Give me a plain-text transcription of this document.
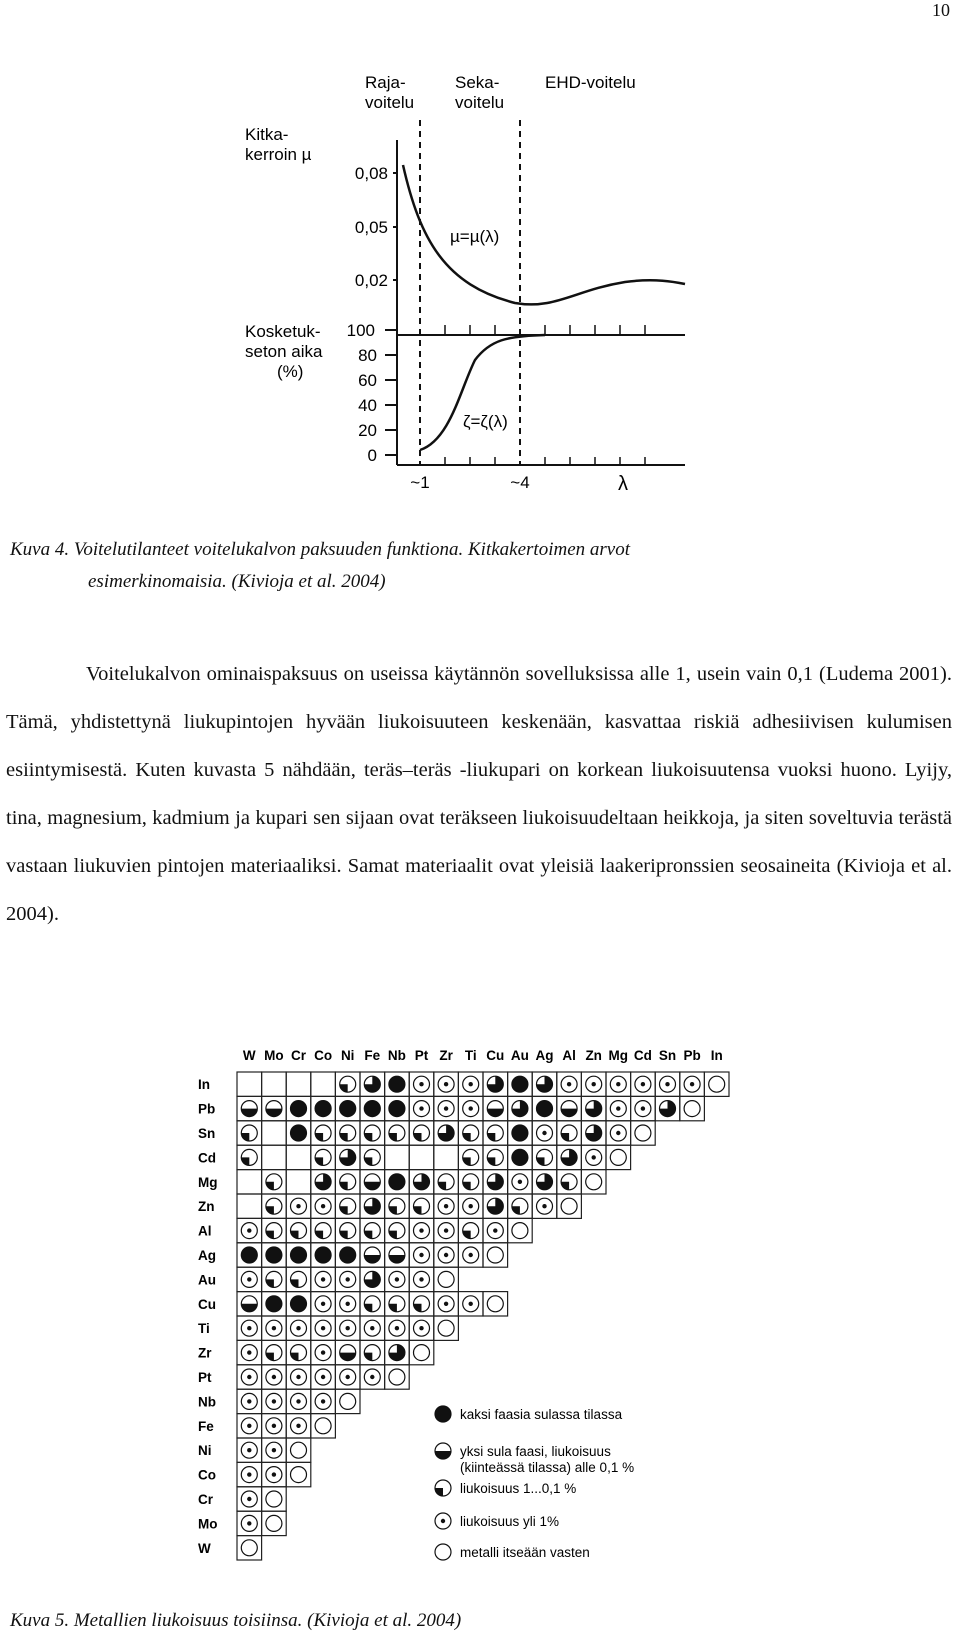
10
Raja-
voitelu
Seka-
voitelu
EHD-voitelu
Kitka-
kerroin µ
Kosketuk-
seton aika
(%)
0,08
0,05
0,02
100
80
60
40
20
0
~1	~4	λ
µ=µ(λ)
ζ=ζ(λ)
Kuva 4. Voitelutilanteet voitelukalvon paksuuden funktiona. Kitkakertoimen arvot
esimerkinomaisia. (Kivioja et al. 2004)

Voitelukalvon ominaispaksuus on useissa käytännön sovelluksissa alle 1, usein vain 0,1 (Ludema 2001). Tämä, yhdistettynä liukupintojen hyvään liukoisuuteen keskenään, kasvattaa riskiä adhesiivisen kulumisen esiintymisestä. Kuten kuvasta 5 nähdään, teräs–teräs -liukupari on korkean liukoisuutensa vuoksi huono. Lyijy, tina, magnesium, kadmium ja kupari sen sijaan ovat teräkseen liukoisuudeltaan heikkoja, ja siten soveltuvia terästä vastaan liukuvien pintojen materiaaliksi. Samat materiaalit ovat yleisiä laakeripronssien seosaineita (Kivioja et al. 2004).

W Mo Cr Co Ni Fe Nb Pt Zr Ti Cu Au Ag Al Zn Mg Cd Sn Pb In
In
Pb
Sn
Cd
Mg
Zn
Al
Ag
Au
Cu
Ti
Zr
Pt
Nb
Fe
Ni
Co
Cr
Mo
W
kaksi faasia sulassa tilassa
yksi sula faasi, liukoisuus
(kiinteässä tilassa) alle 0,1 %
liukoisuus 1...0,1 %
liukoisuus yli 1%
metalli itseään vasten
Kuva 5. Metallien liukoisuus toisiinsa. (Kivioja et al. 2004)
